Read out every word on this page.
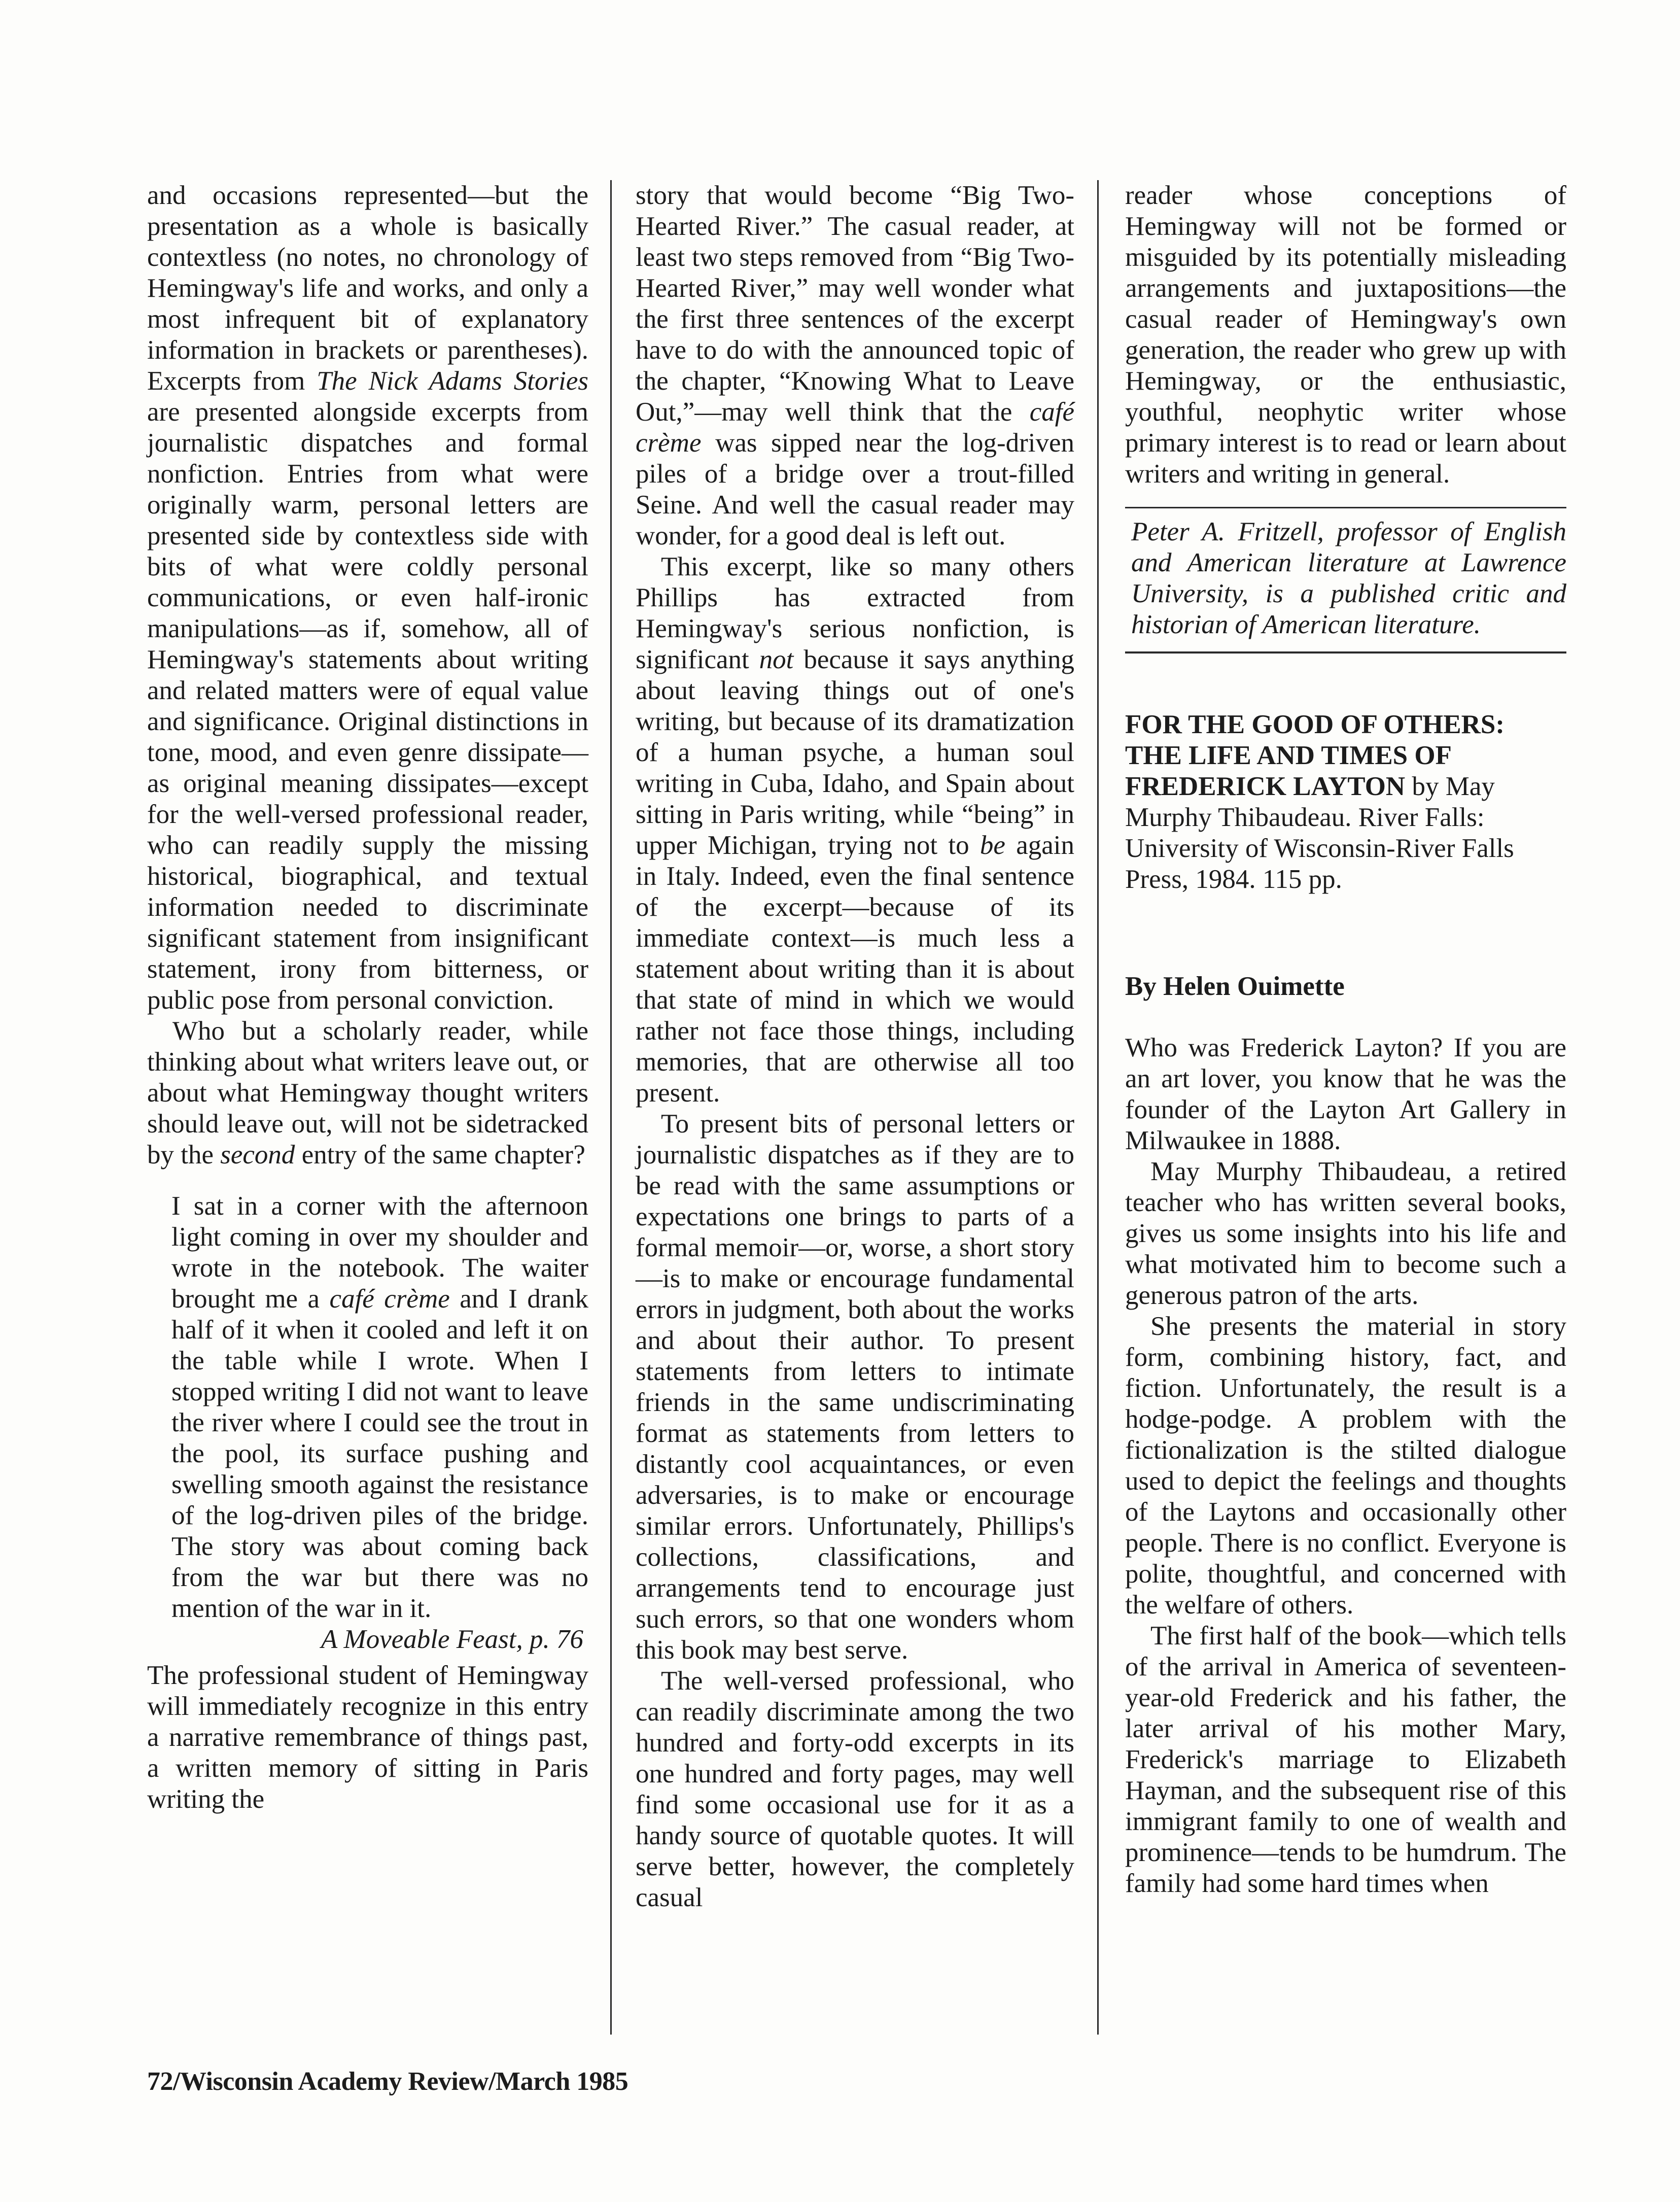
and occasions represented—but the presentation as a whole is basically contextless (no notes, no chronology of Hemingway's life and works, and only a most infrequent bit of explanatory information in brackets or parentheses). Excerpts from The Nick Adams Stories are presented alongside excerpts from journalistic dispatches and formal nonfiction. Entries from what were originally warm, personal letters are presented side by contextless side with bits of what were coldly personal communications, or even half-ironic manipulations—as if, somehow, all of Hemingway's statements about writing and related matters were of equal value and significance. Original distinctions in tone, mood, and even genre dissipate—as original meaning dissipates—except for the well-versed professional reader, who can readily supply the missing historical, biographical, and textual information needed to discriminate significant statement from insignificant statement, irony from bitterness, or public pose from personal conviction.

Who but a scholarly reader, while thinking about what writers leave out, or about what Hemingway thought writers should leave out, will not be sidetracked by the second entry of the same chapter?

I sat in a corner with the afternoon light coming in over my shoulder and wrote in the notebook. The waiter brought me a café crème and I drank half of it when it cooled and left it on the table while I wrote. When I stopped writing I did not want to leave the river where I could see the trout in the pool, its surface pushing and swelling smooth against the resistance of the log-driven piles of the bridge. The story was about coming back from the war but there was no mention of the war in it.

A Moveable Feast, p. 76

The professional student of Hemingway will immediately recognize in this entry a narrative remembrance of things past, a written memory of sitting in Paris writing the

story that would become “Big Two-Hearted River.” The casual reader, at least two steps removed from “Big Two-Hearted River,” may well wonder what the first three sentences of the excerpt have to do with the announced topic of the chapter, “Knowing What to Leave Out,”—may well think that the café crème was sipped near the log-driven piles of a bridge over a trout-filled Seine. And well the casual reader may wonder, for a good deal is left out.

This excerpt, like so many others Phillips has extracted from Hemingway's serious nonfiction, is significant not because it says anything about leaving things out of one's writing, but because of its dramatization of a human psyche, a human soul writing in Cuba, Idaho, and Spain about sitting in Paris writing, while “being” in upper Michigan, trying not to be again in Italy. Indeed, even the final sentence of the excerpt—because of its immediate context—is much less a statement about writing than it is about that state of mind in which we would rather not face those things, including memories, that are otherwise all too present.

To present bits of personal letters or journalistic dispatches as if they are to be read with the same assumptions or expectations one brings to parts of a formal memoir—or, worse, a short story—is to make or encourage fundamental errors in judgment, both about the works and about their author. To present statements from letters to intimate friends in the same undiscriminating format as statements from letters to distantly cool acquaintances, or even adversaries, is to make or encourage similar errors. Unfortunately, Phillips's collections, classifications, and arrangements tend to encourage just such errors, so that one wonders whom this book may best serve.

The well-versed professional, who can readily discriminate among the two hundred and forty-odd excerpts in its one hundred and forty pages, may well find some occasional use for it as a handy source of quotable quotes. It will serve better, however, the completely casual

reader whose conceptions of Hemingway will not be formed or misguided by its potentially misleading arrangements and juxtapositions—the casual reader of Hemingway's own generation, the reader who grew up with Hemingway, or the enthusiastic, youthful, neophytic writer whose primary interest is to read or learn about writers and writing in general.

Peter A. Fritzell, professor of English and American literature at Lawrence University, is a published critic and historian of American literature.

FOR THE GOOD OF OTHERS: THE LIFE AND TIMES OF FREDERICK LAYTON by May Murphy Thibaudeau. River Falls: University of Wisconsin-River Falls Press, 1984. 115 pp.

By Helen Ouimette

Who was Frederick Layton? If you are an art lover, you know that he was the founder of the Layton Art Gallery in Milwaukee in 1888.

May Murphy Thibaudeau, a retired teacher who has written several books, gives us some insights into his life and what motivated him to become such a generous patron of the arts.

She presents the material in story form, combining history, fact, and fiction. Unfortunately, the result is a hodge-podge. A problem with the fictionalization is the stilted dialogue used to depict the feelings and thoughts of the Laytons and occasionally other people. There is no conflict. Everyone is polite, thoughtful, and concerned with the welfare of others.

The first half of the book—which tells of the arrival in America of seventeen-year-old Frederick and his father, the later arrival of his mother Mary, Frederick's marriage to Elizabeth Hayman, and the subsequent rise of this immigrant family to one of wealth and prominence—tends to be humdrum. The family had some hard times when

72/Wisconsin Academy Review/March 1985
